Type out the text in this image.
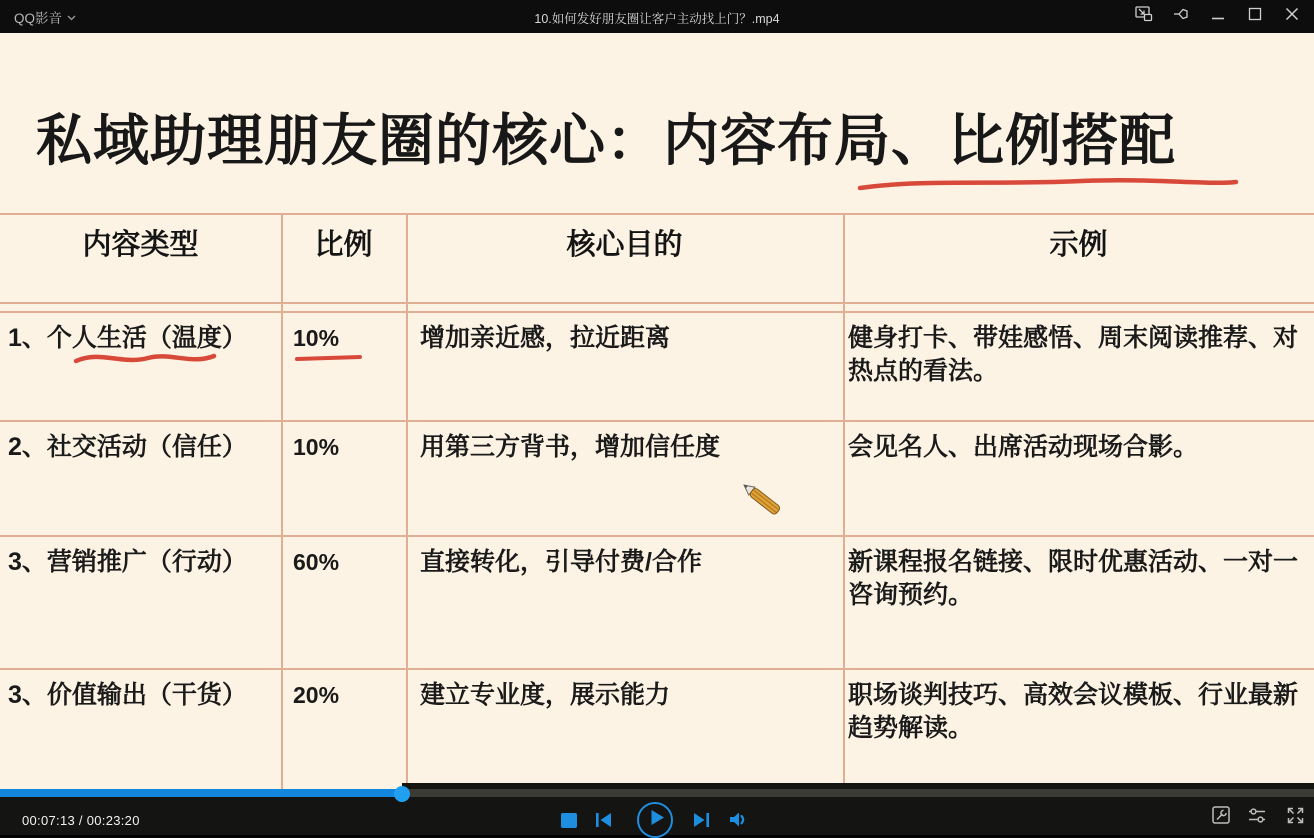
QQ影音	10.如何发好朋友圈让客户主动找上门？.mp4
私域助理朋友圈的核心：内容布局、比例搭配
内容类型	比例	核心目的	示例
1、个人生活（温度）	10%	增加亲近感，拉近距离	健身打卡、带娃感悟、周末阅读推荐、对热点的看法。
2、社交活动（信任）	10%	用第三方背书，增加信任度	会见名人、出席活动现场合影。
3、营销推广（行动）	60%	直接转化，引导付费/合作	新课程报名链接、限时优惠活动、一对一咨询预约。
3、价值输出（干货）	20%	建立专业度，展示能力	职场谈判技巧、高效会议模板、行业最新趋势解读。
00:07:13 / 00:23:20
